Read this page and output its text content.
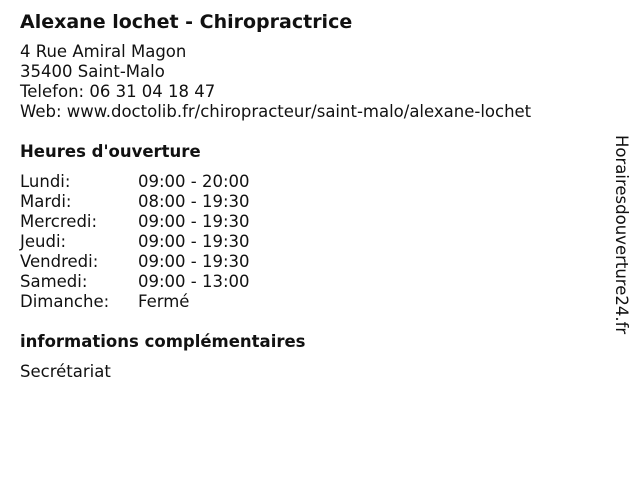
Alexane lochet - Chiropractrice
4 Rue Amiral Magon
35400 Saint-Malo
Telefon: 06 31 04 18 47
Web: www.doctolib.fr/chiropracteur/saint-malo/alexane-lochet
Heures d'ouverture
Lundi:	09:00 - 20:00
Mardi:	08:00 - 19:30
Mercredi:	09:00 - 19:30
Jeudi:	09:00 - 19:30
Vendredi:	09:00 - 19:30
Samedi:	09:00 - 13:00
Dimanche:	Fermé
informations complémentaires
Secrétariat
Horairesdouverture24.fr
